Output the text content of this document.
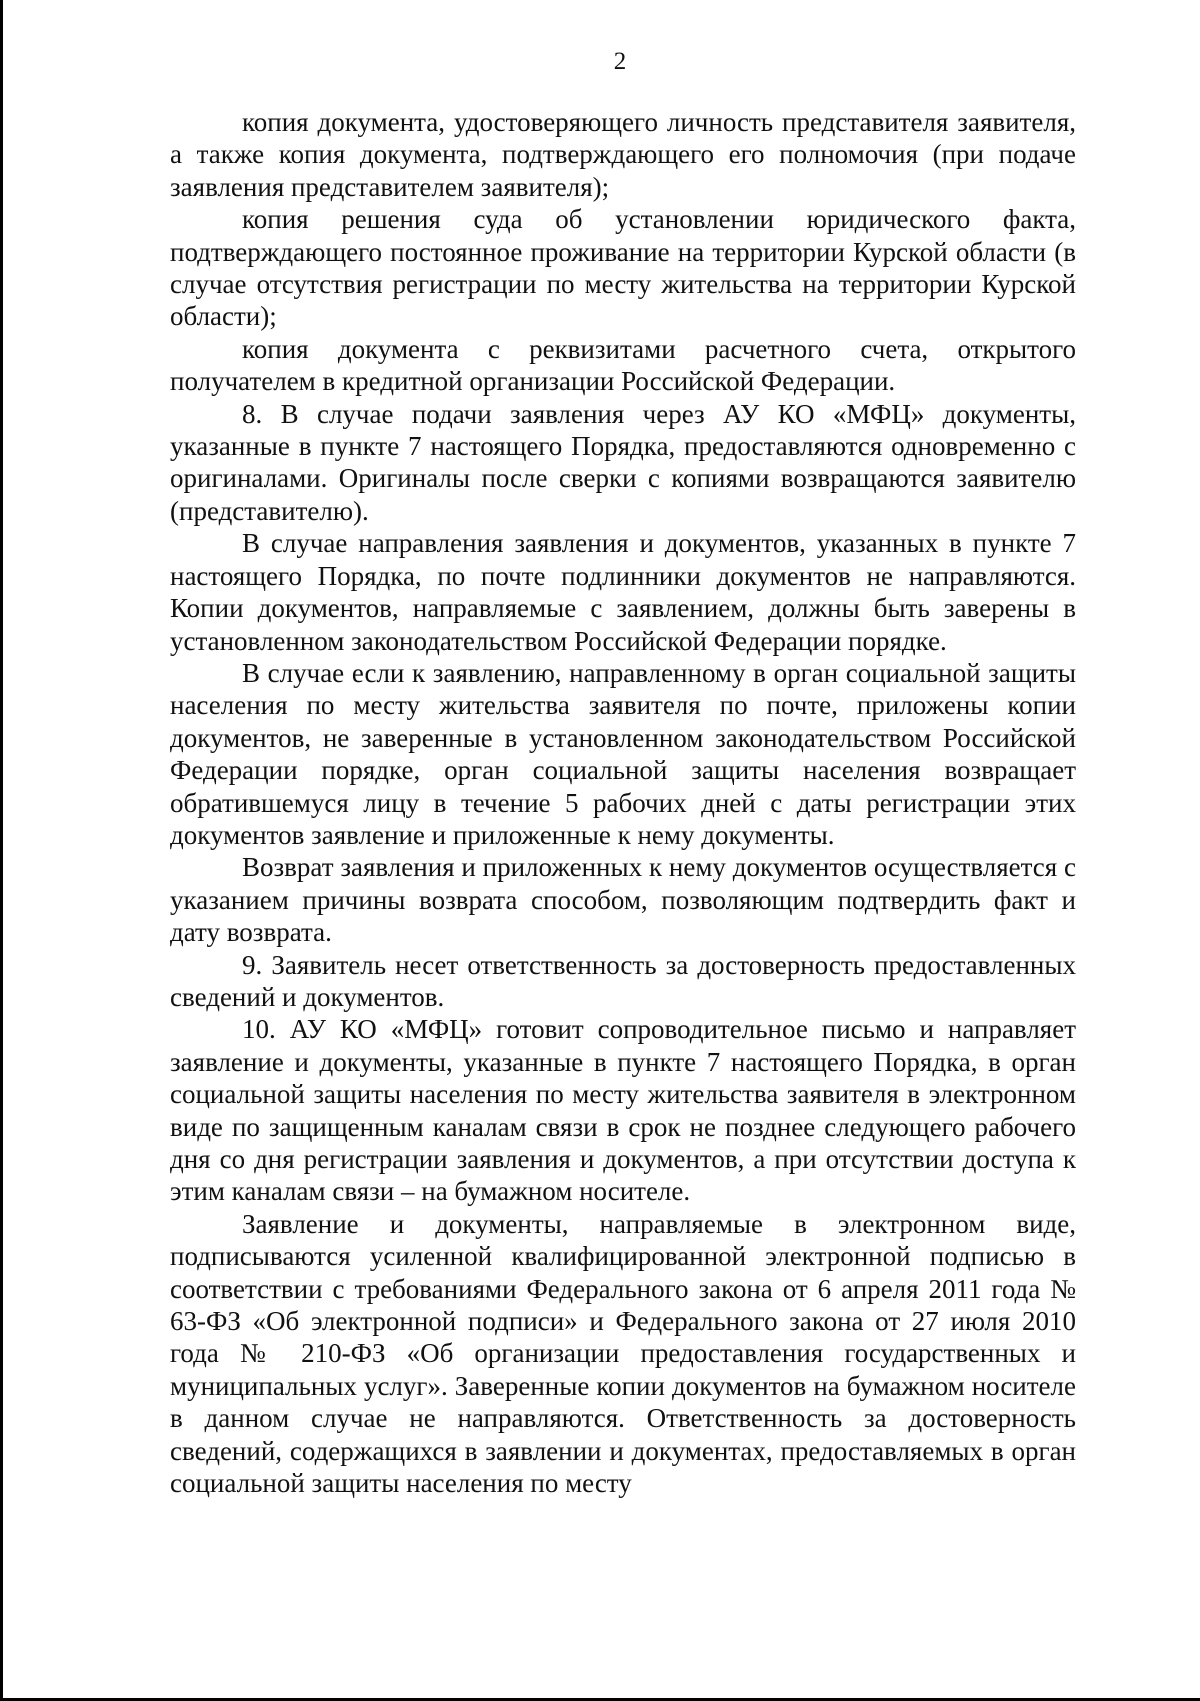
2

копия документа, удостоверяющего личность представителя заявителя, а также копия документа, подтверждающего его полномочия (при подаче заявления представителем заявителя);

копия решения суда об установлении юридического факта, подтверждающего постоянное проживание на территории Курской области (в случае отсутствия регистрации по месту жительства на территории Курской области);

копия документа с реквизитами расчетного счета, открытого получателем в кредитной организации Российской Федерации.

8. В случае подачи заявления через АУ КО «МФЦ» документы, указанные в пункте 7 настоящего Порядка, предоставляются одновременно с оригиналами. Оригиналы после сверки с копиями возвращаются заявителю (представителю).

В случае направления заявления и документов, указанных в пункте 7 настоящего Порядка, по почте подлинники документов не направляются. Копии документов, направляемые с заявлением, должны быть заверены в установленном законодательством Российской Федерации порядке.

В случае если к заявлению, направленному в орган социальной защиты населения по месту жительства заявителя по почте, приложены копии документов, не заверенные в установленном законодательством Российской Федерации порядке, орган социальной защиты населения возвращает обратившемуся лицу в течение 5 рабочих дней с даты регистрации этих документов заявление и приложенные к нему документы.

Возврат заявления и приложенных к нему документов осуществляется с указанием причины возврата способом, позволяющим подтвердить факт и дату возврата.

9. Заявитель несет ответственность за достоверность предоставленных сведений и документов.

10. АУ КО «МФЦ» готовит сопроводительное письмо и направляет заявление и документы, указанные в пункте 7 настоящего Порядка, в орган социальной защиты населения по месту жительства заявителя в электронном виде по защищенным каналам связи в срок не позднее следующего рабочего дня со дня регистрации заявления и документов, а при отсутствии доступа к этим каналам связи – на бумажном носителе.

Заявление и документы, направляемые в электронном виде, подписываются усиленной квалифицированной электронной подписью в соответствии с требованиями Федерального закона от 6 апреля 2011 года № 63-ФЗ «Об электронной подписи» и Федерального закона от 27 июля 2010 года № 210-ФЗ «Об организации предоставления государственных и муниципальных услуг». Заверенные копии документов на бумажном носителе в данном случае не направляются. Ответственность за достоверность сведений, содержащихся в заявлении и документах, предоставляемых в орган социальной защиты населения по месту
